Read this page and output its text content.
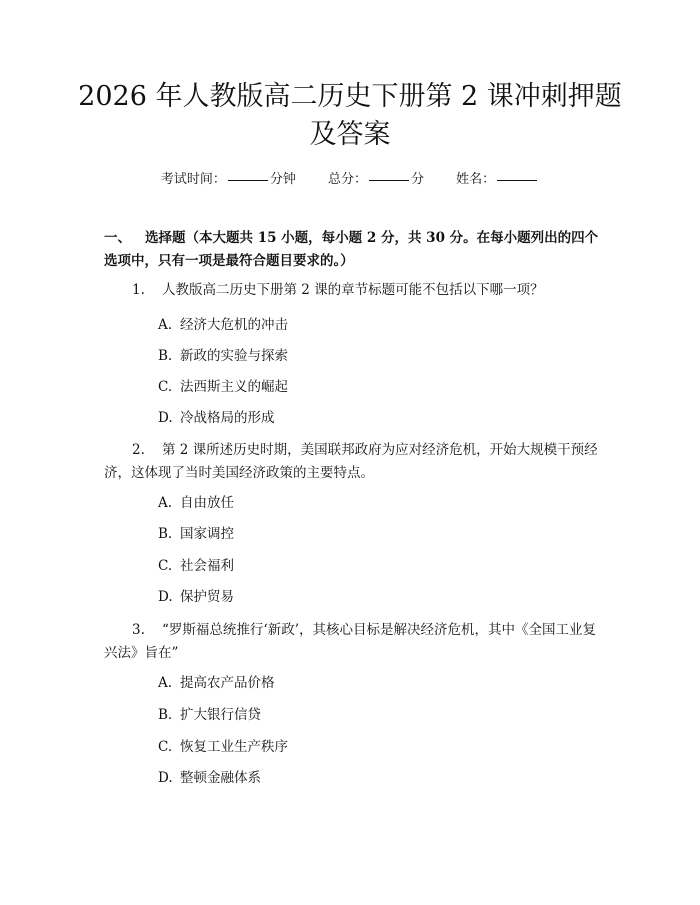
2026 年人教版高二历史下册第 2 课冲刺押题
及答案
考试时间：	分钟 总分：	分 姓名：
一、 选择题（本大题共 15 小题，每小题 2 分，共 30 分。在每小题列出的四个选项中，只有一项是最符合题目要求的。）
1. 人教版高二历史下册第 2 课的章节标题可能不包括以下哪一项？
A. 经济大危机的冲击
B. 新政的实验与探索
C. 法西斯主义的崛起
D. 冷战格局的形成
2. 第 2 课所述历史时期，美国联邦政府为应对经济危机，开始大规模干预经济，这体现了当时美国经济政策的主要特点。
A. 自由放任
B. 国家调控
C. 社会福利
D. 保护贸易
3. “罗斯福总统推行‘新政’，其核心目标是解决经济危机，其中《全国工业复兴法》旨在”
A. 提高农产品价格
B. 扩大银行信贷
C. 恢复工业生产秩序
D. 整顿金融体系
